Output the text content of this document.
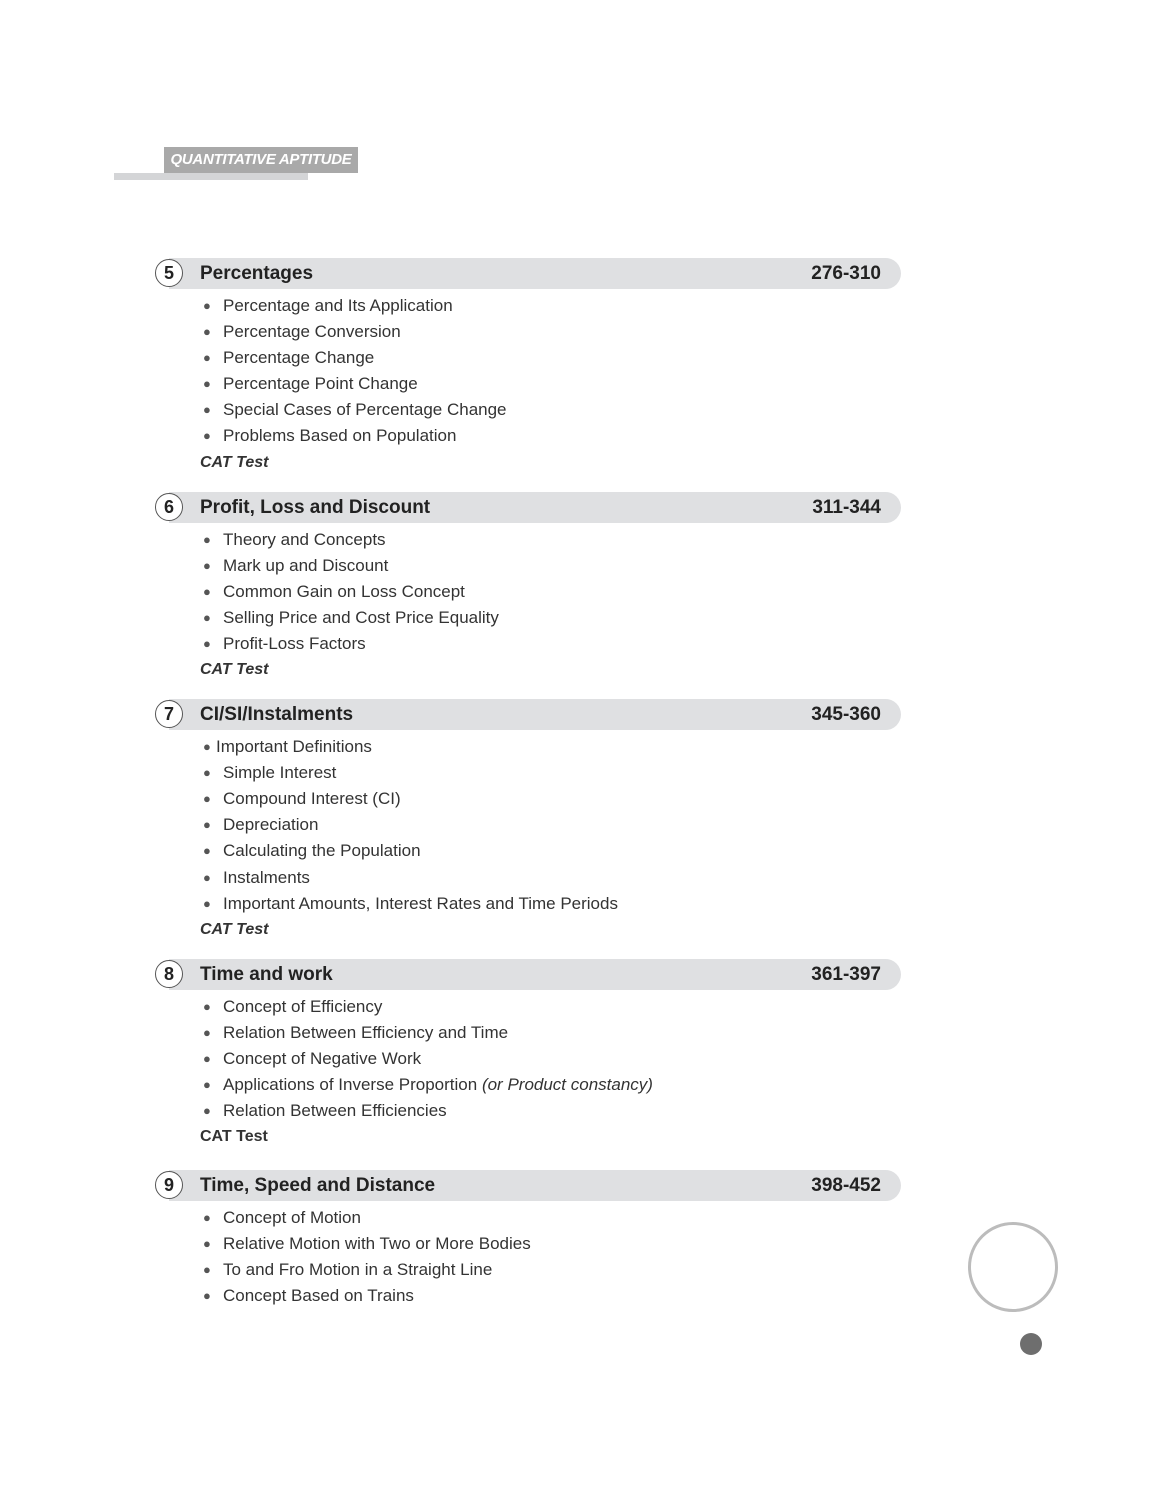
QUANTITATIVE APTITUDE
5	Percentages	276-310
● Percentage and Its Application
● Percentage Conversion
● Percentage Change
● Percentage Point Change
● Special Cases of Percentage Change
● Problems Based on Population
CAT Test
6	Profit, Loss and Discount	311-344
● Theory and Concepts
● Mark up and Discount
● Common Gain on Loss Concept
● Selling Price and Cost Price Equality
● Profit-Loss Factors
CAT Test
7	CI/SI/Instalments	345-360
● Important Definitions
● Simple Interest
● Compound Interest (CI)
● Depreciation
● Calculating the Population
● Instalments
● Important Amounts, Interest Rates and Time Periods
CAT Test
8	Time and work	361-397
● Concept of Efficiency
● Relation Between Efficiency and Time
● Concept of Negative Work
● Applications of Inverse Proportion (or Product constancy)
● Relation Between Efficiencies
CAT Test
9	Time, Speed and Distance	398-452
● Concept of Motion
● Relative Motion with Two or More Bodies
● To and Fro Motion in a Straight Line
● Concept Based on Trains
